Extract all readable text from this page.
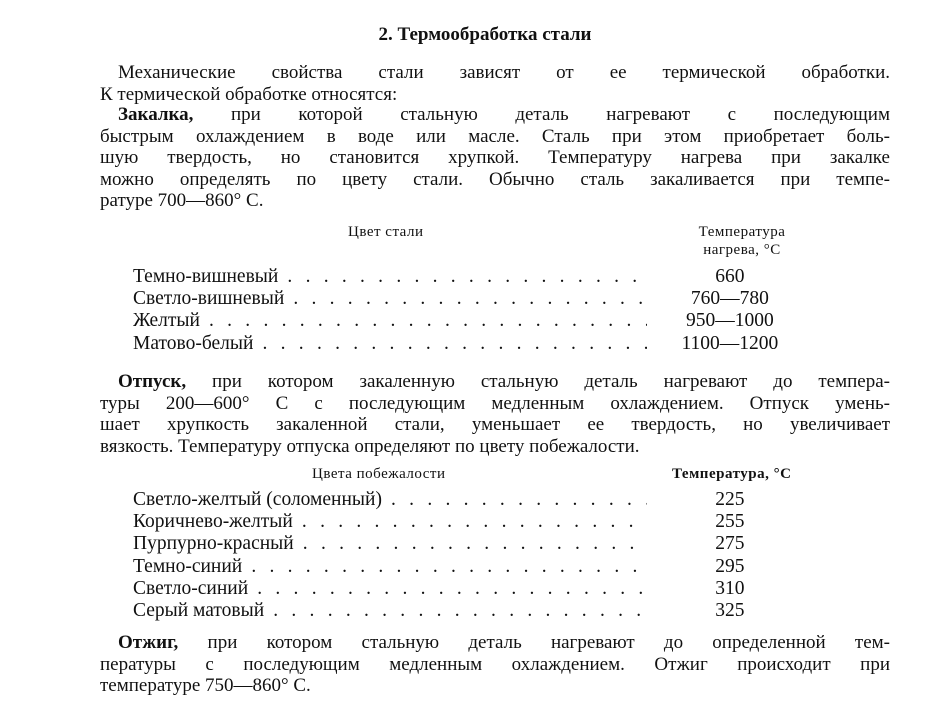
2. Термообработка стали
Механические свойства стали зависят от ее термической обработки.
К термической обработке относятся:
Закалка, при которой стальную деталь нагревают с последующим
быстрым охлаждением в воде или масле. Сталь при этом приобретает боль-
шую твердость, но становится хрупкой. Температуру нагрева при закалке
можно определять по цвету стали. Обычно сталь закаливается при темпе-
ратуре 700—860° С.
Цвет стали	Температура
нагрева, °C
Темно-вишневый . . .	660
Светло-вишневый . . .	760—780
Желтый . . .	950—1000
Матово-белый . . .	1100—1200
Отпуск, при котором закаленную стальную деталь нагревают до темпера-
туры 200—600° С с последующим медленным охлаждением. Отпуск умень-
шает хрупкость закаленной стали, уменьшает ее твердость, но увеличивает
вязкость. Температуру отпуска определяют по цвету побежалости.
Цвета побежалости	Температура, °С
Светло-желтый (соломенный) . . .	225
Коричнево-желтый . . .	255
Пурпурно-красный . . .	275
Темно-синий . . .	295
Светло-синий . . .	310
Серый матовый . . .	325
Отжиг, при котором стальную деталь нагревают до определенной тем-
пературы с последующим медленным охлаждением. Отжиг происходит при
температуре 750—860° С.
